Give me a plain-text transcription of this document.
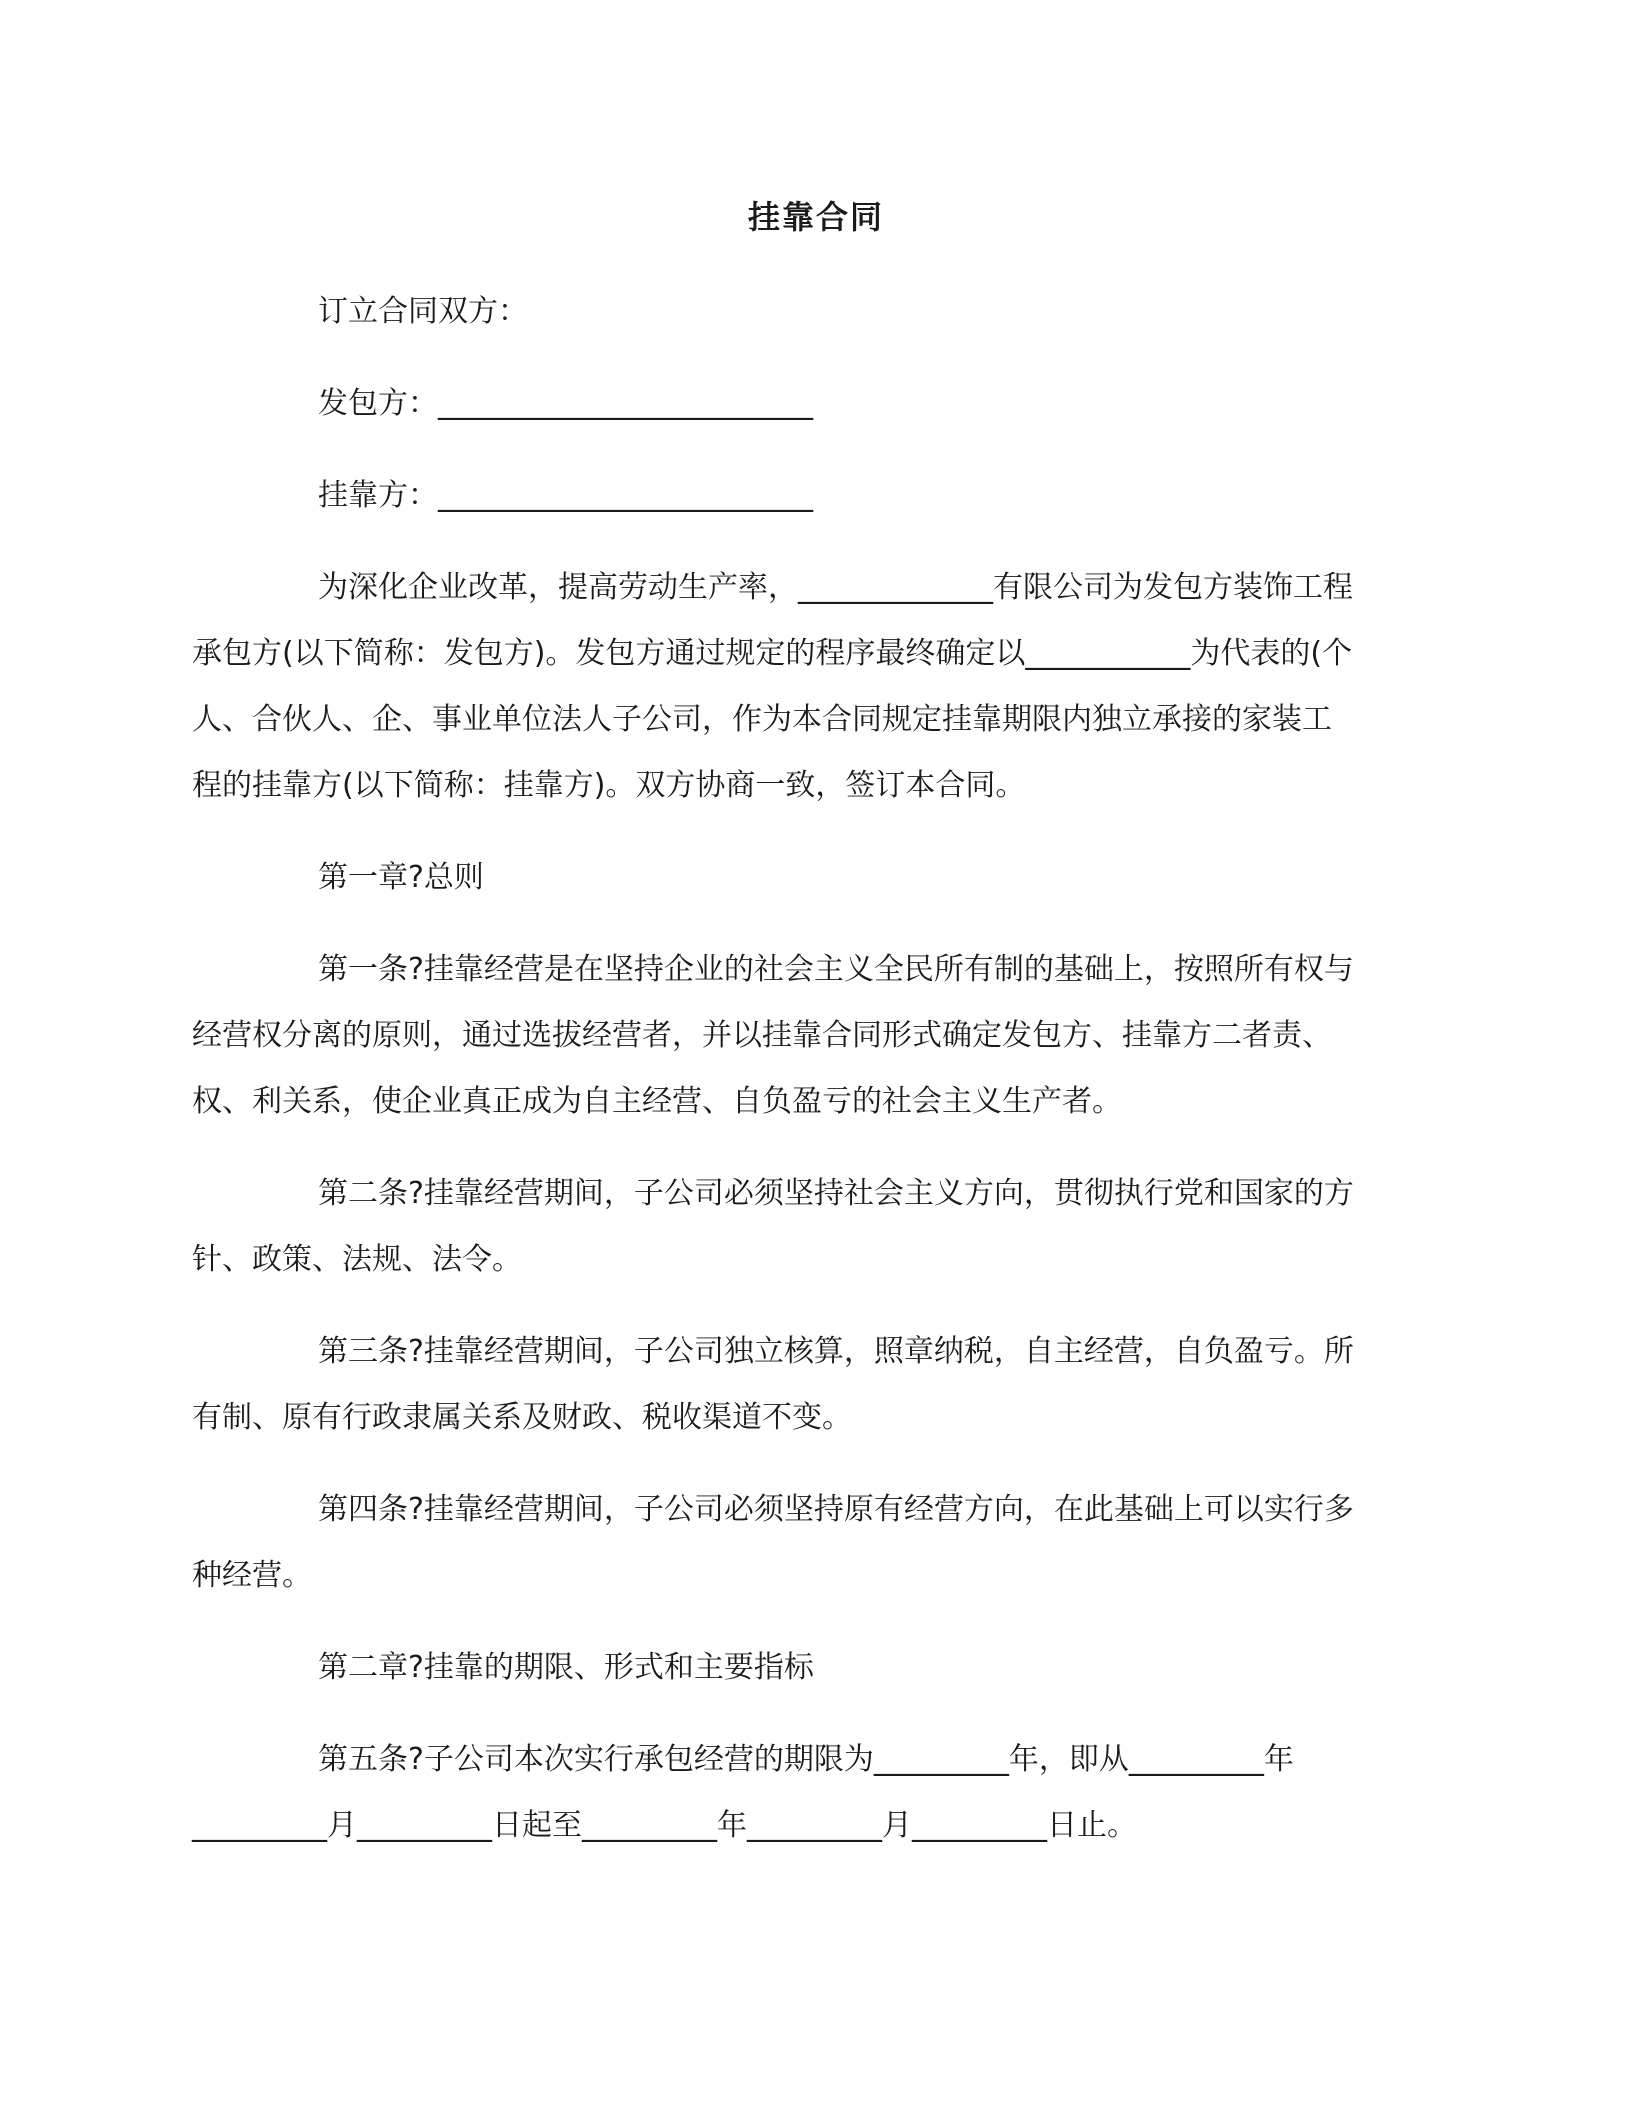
挂靠合同
订立合同双方：
发包方：_________________________
挂靠方：_________________________
为深化企业改革，提高劳动生产率，_____________有限公司为发包方装饰工程
承包方(以下简称：发包方)。发包方通过规定的程序最终确定以___________为代表的(个
人、合伙人、企、事业单位法人子公司，作为本合同规定挂靠期限内独立承接的家装工
程的挂靠方(以下简称：挂靠方)。双方协商一致，签订本合同。
第一章?总则
第一条?挂靠经营是在坚持企业的社会主义全民所有制的基础上，按照所有权与
经营权分离的原则，通过选拔经营者，并以挂靠合同形式确定发包方、挂靠方二者责、
权、利关系，使企业真正成为自主经营、自负盈亏的社会主义生产者。
第二条?挂靠经营期间，子公司必须坚持社会主义方向，贯彻执行党和国家的方
针、政策、法规、法令。
第三条?挂靠经营期间，子公司独立核算，照章纳税，自主经营，自负盈亏。所
有制、原有行政隶属关系及财政、税收渠道不变。
第四条?挂靠经营期间，子公司必须坚持原有经营方向，在此基础上可以实行多
种经营。
第二章?挂靠的期限、形式和主要指标
第五条?子公司本次实行承包经营的期限为_________年，即从_________年
_________月_________日起至_________年_________月_________日止。
